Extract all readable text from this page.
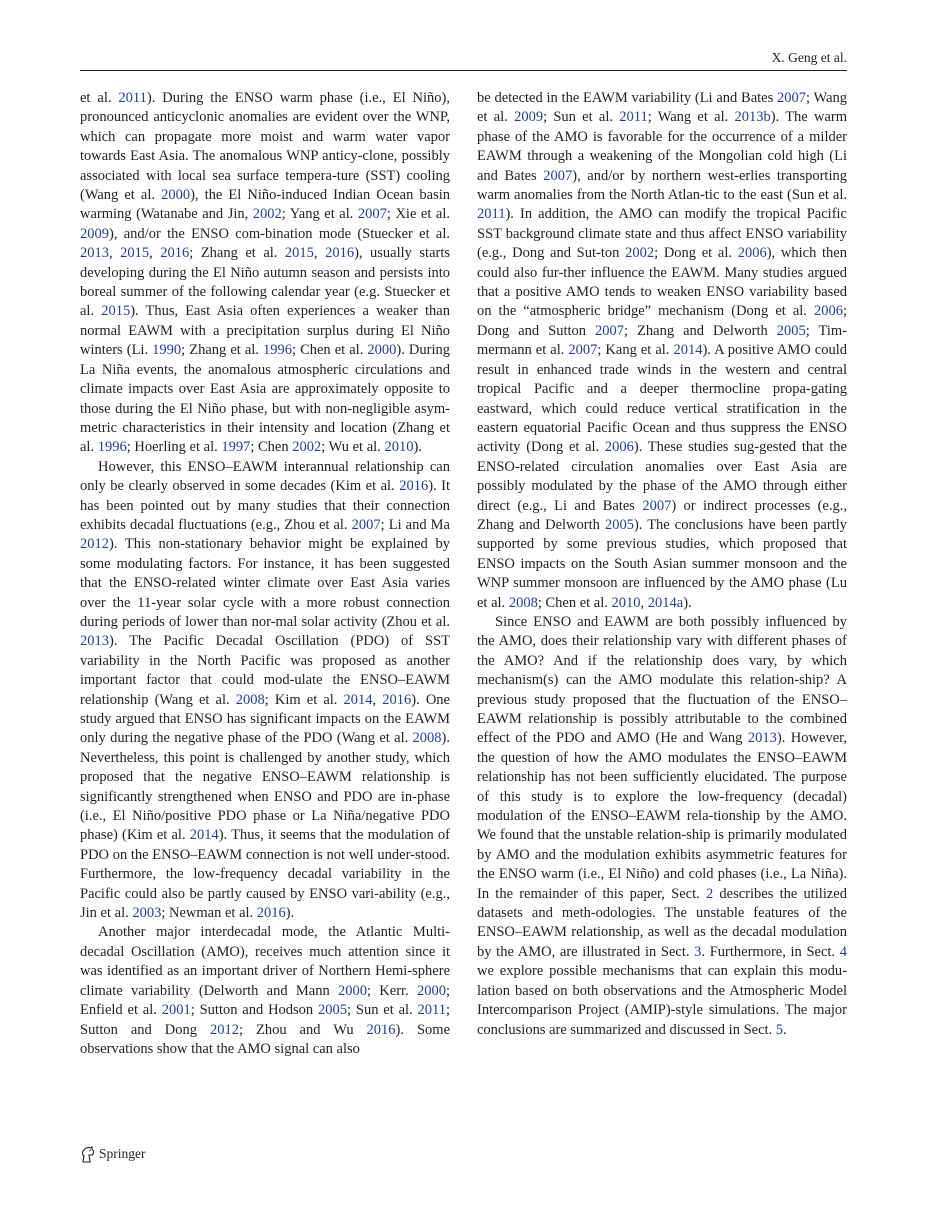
X. Geng et al.

et al. 2011). During the ENSO warm phase (i.e., El Niño), pronounced anticyclonic anomalies are evident over the WNP, which can propagate more moist and warm water vapor towards East Asia. The anomalous WNP anticy-clone, possibly associated with local sea surface tempera-ture (SST) cooling (Wang et al. 2000), the El Niño-induced Indian Ocean basin warming (Watanabe and Jin, 2002; Yang et al. 2007; Xie et al. 2009), and/or the ENSO com-bination mode (Stuecker et al. 2013, 2015, 2016; Zhang et al. 2015, 2016), usually starts developing during the El Niño autumn season and persists into boreal summer of the following calendar year (e.g. Stuecker et al. 2015). Thus, East Asia often experiences a weaker than normal EAWM with a precipitation surplus during El Niño winters (Li. 1990; Zhang et al. 1996; Chen et al. 2000). During La Niña events, the anomalous atmospheric circulations and climate impacts over East Asia are approximately opposite to those during the El Niño phase, but with non-negligible asym-metric characteristics in their intensity and location (Zhang et al. 1996; Hoerling et al. 1997; Chen 2002; Wu et al. 2010).

However, this ENSO–EAWM interannual relationship can only be clearly observed in some decades (Kim et al. 2016). It has been pointed out by many studies that their connection exhibits decadal fluctuations (e.g., Zhou et al. 2007; Li and Ma 2012). This non-stationary behavior might be explained by some modulating factors. For instance, it has been suggested that the ENSO-related winter climate over East Asia varies over the 11-year solar cycle with a more robust connection during periods of lower than nor-mal solar activity (Zhou et al. 2013). The Pacific Decadal Oscillation (PDO) of SST variability in the North Pacific was proposed as another important factor that could mod-ulate the ENSO–EAWM relationship (Wang et al. 2008; Kim et al. 2014, 2016). One study argued that ENSO has significant impacts on the EAWM only during the negative phase of the PDO (Wang et al. 2008). Nevertheless, this point is challenged by another study, which proposed that the negative ENSO–EAWM relationship is significantly strengthened when ENSO and PDO are in-phase (i.e., El Niño/positive PDO phase or La Niña/negative PDO phase) (Kim et al. 2014). Thus, it seems that the modulation of PDO on the ENSO–EAWM connection is not well under-stood. Furthermore, the low-frequency decadal variability in the Pacific could also be partly caused by ENSO vari-ability (e.g., Jin et al. 2003; Newman et al. 2016).

Another major interdecadal mode, the Atlantic Multi-decadal Oscillation (AMO), receives much attention since it was identified as an important driver of Northern Hemi-sphere climate variability (Delworth and Mann 2000; Kerr. 2000; Enfield et al. 2001; Sutton and Hodson 2005; Sun et al. 2011; Sutton and Dong 2012; Zhou and Wu 2016). Some observations show that the AMO signal can also

be detected in the EAWM variability (Li and Bates 2007; Wang et al. 2009; Sun et al. 2011; Wang et al. 2013b). The warm phase of the AMO is favorable for the occurrence of a milder EAWM through a weakening of the Mongolian cold high (Li and Bates 2007), and/or by northern west-erlies transporting warm anomalies from the North Atlan-tic to the east (Sun et al. 2011). In addition, the AMO can modify the tropical Pacific SST background climate state and thus affect ENSO variability (e.g., Dong and Sut-ton 2002; Dong et al. 2006), which then could also fur-ther influence the EAWM. Many studies argued that a positive AMO tends to weaken ENSO variability based on the “atmospheric bridge” mechanism (Dong et al. 2006; Dong and Sutton 2007; Zhang and Delworth 2005; Tim-mermann et al. 2007; Kang et al. 2014). A positive AMO could result in enhanced trade winds in the western and central tropical Pacific and a deeper thermocline propa-gating eastward, which could reduce vertical stratification in the eastern equatorial Pacific Ocean and thus suppress the ENSO activity (Dong et al. 2006). These studies sug-gested that the ENSO-related circulation anomalies over East Asia are possibly modulated by the phase of the AMO through either direct (e.g., Li and Bates 2007) or indirect processes (e.g., Zhang and Delworth 2005). The conclusions have been partly supported by some previous studies, which proposed that ENSO impacts on the South Asian summer monsoon and the WNP summer monsoon are influenced by the AMO phase (Lu et al. 2008; Chen et al. 2010, 2014a).

Since ENSO and EAWM are both possibly influenced by the AMO, does their relationship vary with different phases of the AMO? And if the relationship does vary, by which mechanism(s) can the AMO modulate this relation-ship? A previous study proposed that the fluctuation of the ENSO–EAWM relationship is possibly attributable to the combined effect of the PDO and AMO (He and Wang 2013). However, the question of how the AMO modulates the ENSO–EAWM relationship has not been sufficiently elucidated. The purpose of this study is to explore the low-frequency (decadal) modulation of the ENSO–EAWM rela-tionship by the AMO. We found that the unstable relation-ship is primarily modulated by AMO and the modulation exhibits asymmetric features for the ENSO warm (i.e., El Niño) and cold phases (i.e., La Niña). In the remainder of this paper, Sect. 2 describes the utilized datasets and meth-odologies. The unstable features of the ENSO–EAWM relationship, as well as the decadal modulation by the AMO, are illustrated in Sect. 3. Furthermore, in Sect. 4 we explore possible mechanisms that can explain this modu-lation based on both observations and the Atmospheric Model Intercomparison Project (AMIP)-style simulations. The major conclusions are summarized and discussed in Sect. 5.

Springer
